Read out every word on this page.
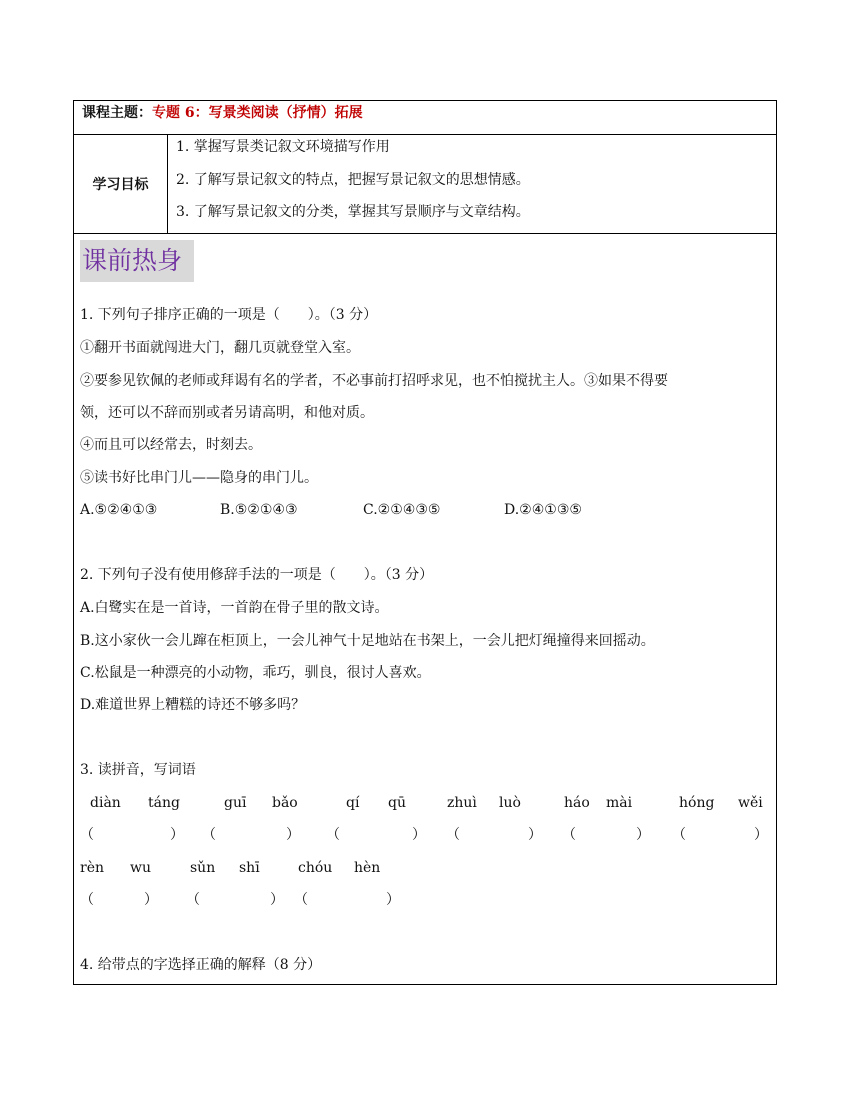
课程主题：专题 6：写景类阅读（抒情）拓展
学习目标
1. 掌握写景类记叙文环境描写作用
2. 了解写景记叙文的特点，把握写景记叙文的思想情感。
3. 了解写景记叙文的分类，掌握其写景顺序与文章结构。
课前热身
1. 下列句子排序正确的一项是（　　）。（3 分）
①翻开书面就闯进大门，翻几页就登堂入室。
②要参见钦佩的老师或拜谒有名的学者，不必事前打招呼求见，也不怕搅扰主人。③如果不得要
领，还可以不辞而别或者另请高明，和他对质。
④而且可以经常去，时刻去。
⑤读书好比串门儿——隐身的串门儿。
A.⑤②④①③	B.⑤②①④③	C.②①④③⑤	D.②④①③⑤
2. 下列句子没有使用修辞手法的一项是（　　）。（3 分）
A.白鹭实在是一首诗，一首韵在骨子里的散文诗。
B.这小家伙一会儿蹿在柜顶上，一会儿神气十足地站在书架上，一会儿把灯绳撞得来回摇动。
C.松鼠是一种漂亮的小动物，乖巧，驯良，很讨人喜欢。
D.难道世界上糟糕的诗还不够多吗？
3. 读拼音，写词语
diàn táng	guī bǎo	qí qū	zhuì luò	háo mài	hóng wěi
（	） （	） （	） （	） （	） （	）
rèn wu	sǔn shī	chóu hèn
（	） （	） （	）
4. 给带点的字选择正确的解释（8 分）
